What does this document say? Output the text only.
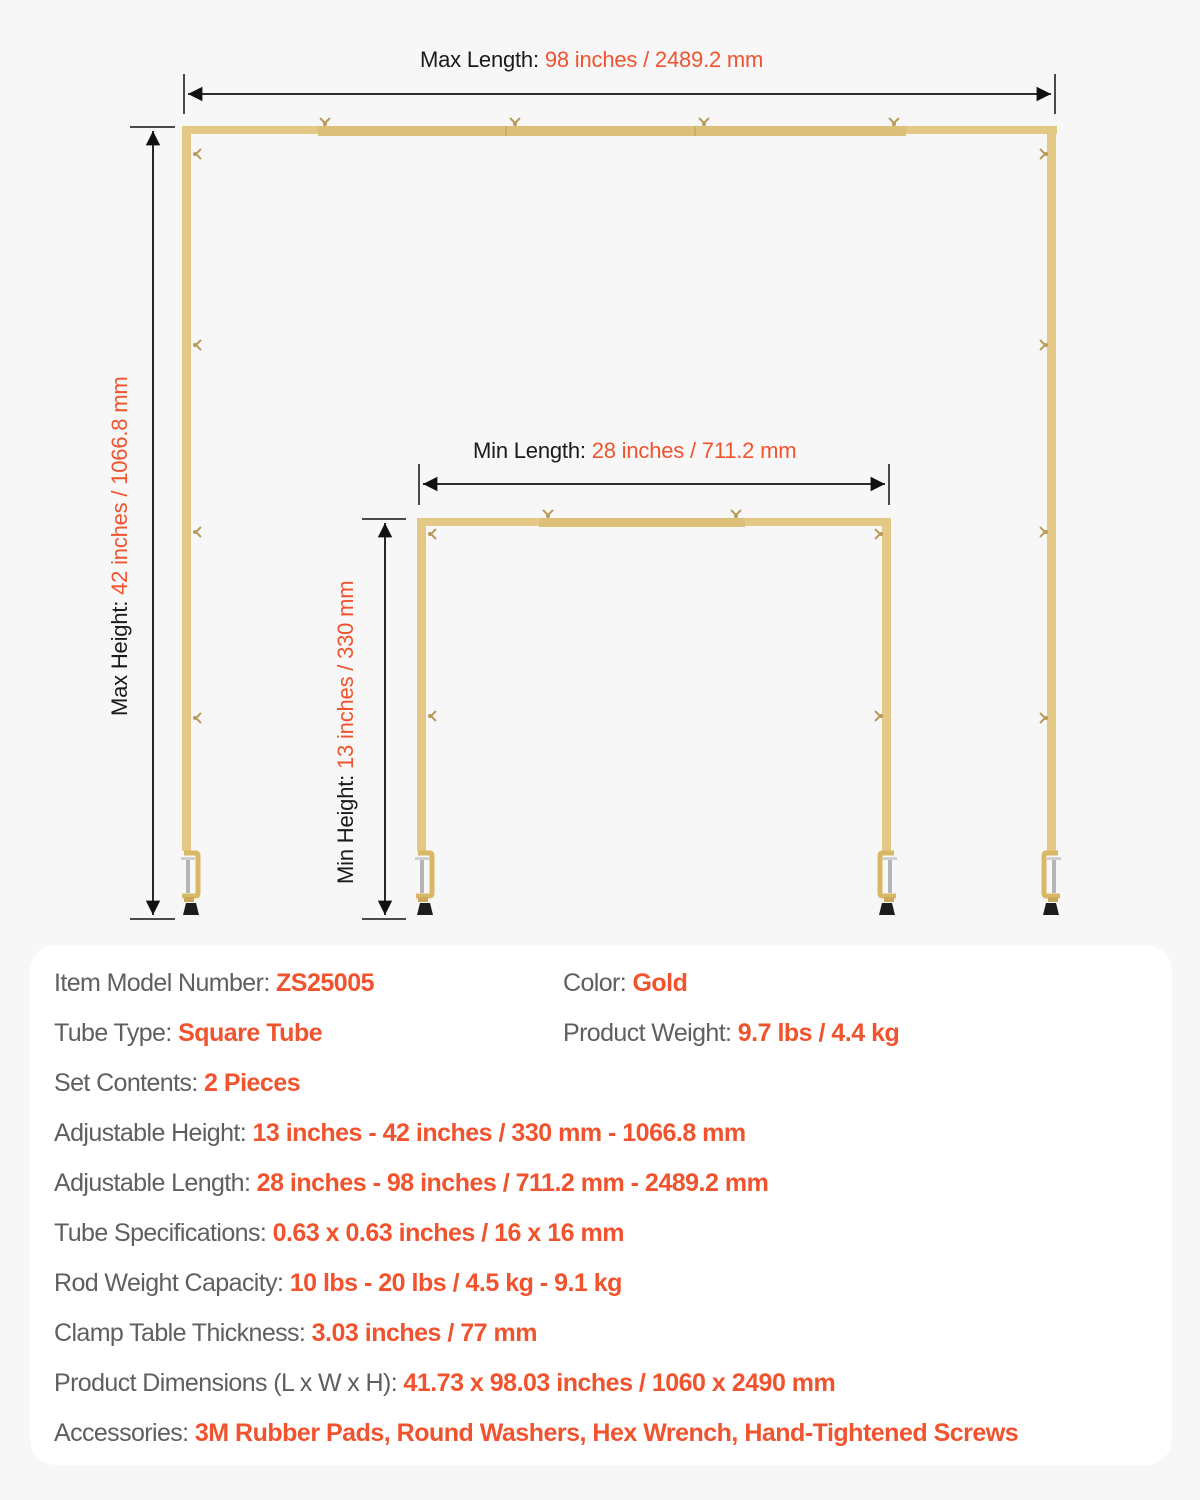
Max Length: 98 inches / 2489.2 mm
Max Height: 42 inches / 1066.8 mm	Min Length: 28 inches / 711.2 mm
Min Height: 13 inches / 330 mm
Item Model Number: ZS25005	Color: Gold
Tube Type: Square Tube	Product Weight: 9.7 lbs / 4.4 kg
Set Contents: 2 Pieces
Adjustable Height: 13 inches - 42 inches / 330 mm - 1066.8 mm
Adjustable Length: 28 inches - 98 inches / 711.2 mm - 2489.2 mm
Tube Specifications: 0.63 x 0.63 inches / 16 x 16 mm
Rod Weight Capacity: 10 lbs - 20 lbs / 4.5 kg - 9.1 kg
Clamp Table Thickness: 3.03 inches / 77 mm
Product Dimensions (L x W x H): 41.73 x 98.03 inches / 1060 x 2490 mm
Accessories: 3M Rubber Pads, Round Washers, Hex Wrench, Hand-Tightened Screws
